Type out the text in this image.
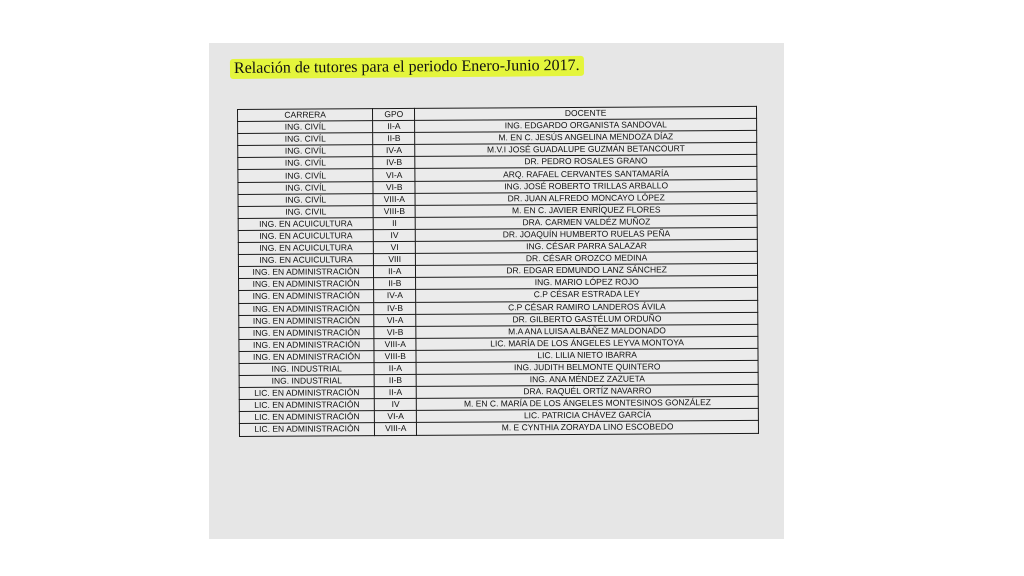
Relación de tutores para el periodo Enero-Junio 2017.
CARRERA	GPO	DOCENTE
ING. CIVÍL	II-A	ING. EDGARDO ORGANISTA SANDOVAL
ING. CIVÍL	II-B	M. EN C. JESÚS ANGELINA MENDOZA DÍAZ
ING. CIVÍL	IV-A	M.V.I JOSÉ GUADALUPE GUZMÁN BETANCOURT
ING. CIVÍL	IV-B	DR. PEDRO ROSALES GRANO
ING. CIVÍL	VI-A	ARQ. RAFAEL CERVANTES SANTAMARÍA
ING. CIVÍL	VI-B	ING. JOSÉ ROBERTO TRILLAS ARBALLO
ING. CIVÍL	VIII-A	DR. JUAN ALFREDO MONCAYO LÓPEZ
ING. CIVIL	VIII-B	M. EN C. JAVIER ENRÍQUEZ FLORES
ING. EN ACUICULTURA	II	DRA. CARMEN VALDÉZ MUÑOZ
ING. EN ACUICULTURA	IV	DR. JOAQUÍN HUMBERTO RUELAS PEÑA
ING. EN ACUICULTURA	VI	ING. CÉSAR PARRA SALAZAR
ING. EN ACUICULTURA	VIII	DR. CÉSAR OROZCO MEDINA
ING. EN ADMINISTRACIÓN	II-A	DR. EDGAR EDMUNDO LANZ SÁNCHEZ
ING. EN ADMINISTRACIÓN	II-B	ING. MARIO LÓPEZ ROJO
ING. EN ADMINISTRACIÓN	IV-A	C.P CÉSAR ESTRADA LEY
ING. EN ADMINISTRACIÓN	IV-B	C.P CÉSAR RAMIRO LANDEROS ÁVILA
ING. EN ADMINISTRACIÓN	VI-A	DR. GILBERTO GASTÉLUM ORDUÑO
ING. EN ADMINISTRACIÓN	VI-B	M.A ANA LUISA ALBÁÑEZ MALDONADO
ING. EN ADMINISTRACIÓN	VIII-A	LIC. MARÍA DE LOS ÁNGELES LEYVA MONTOYA
ING. EN ADMINISTRACIÓN	VIII-B	LIC. LILIA NIETO IBARRA
ING. INDUSTRIAL	II-A	ING. JUDITH BELMONTE QUINTERO
ING. INDUSTRIAL	II-B	ING. ANA MÉNDEZ ZAZUETA
LIC. EN ADMINISTRACIÓN	II-A	DRA. RAQUÉL ORTÍZ NAVARRO
LIC. EN ADMINISTRACIÓN	IV	M. EN C. MARÍA DE LOS ÁNGELES MONTESINOS GONZÁLEZ
LIC. EN ADMINISTRACIÓN	VI-A	LIC. PATRICIA CHÁVEZ GARCÍA
LIC. EN ADMINISTRACIÓN	VIII-A	M. E CYNTHIA ZORAYDA LINO ESCOBEDO
